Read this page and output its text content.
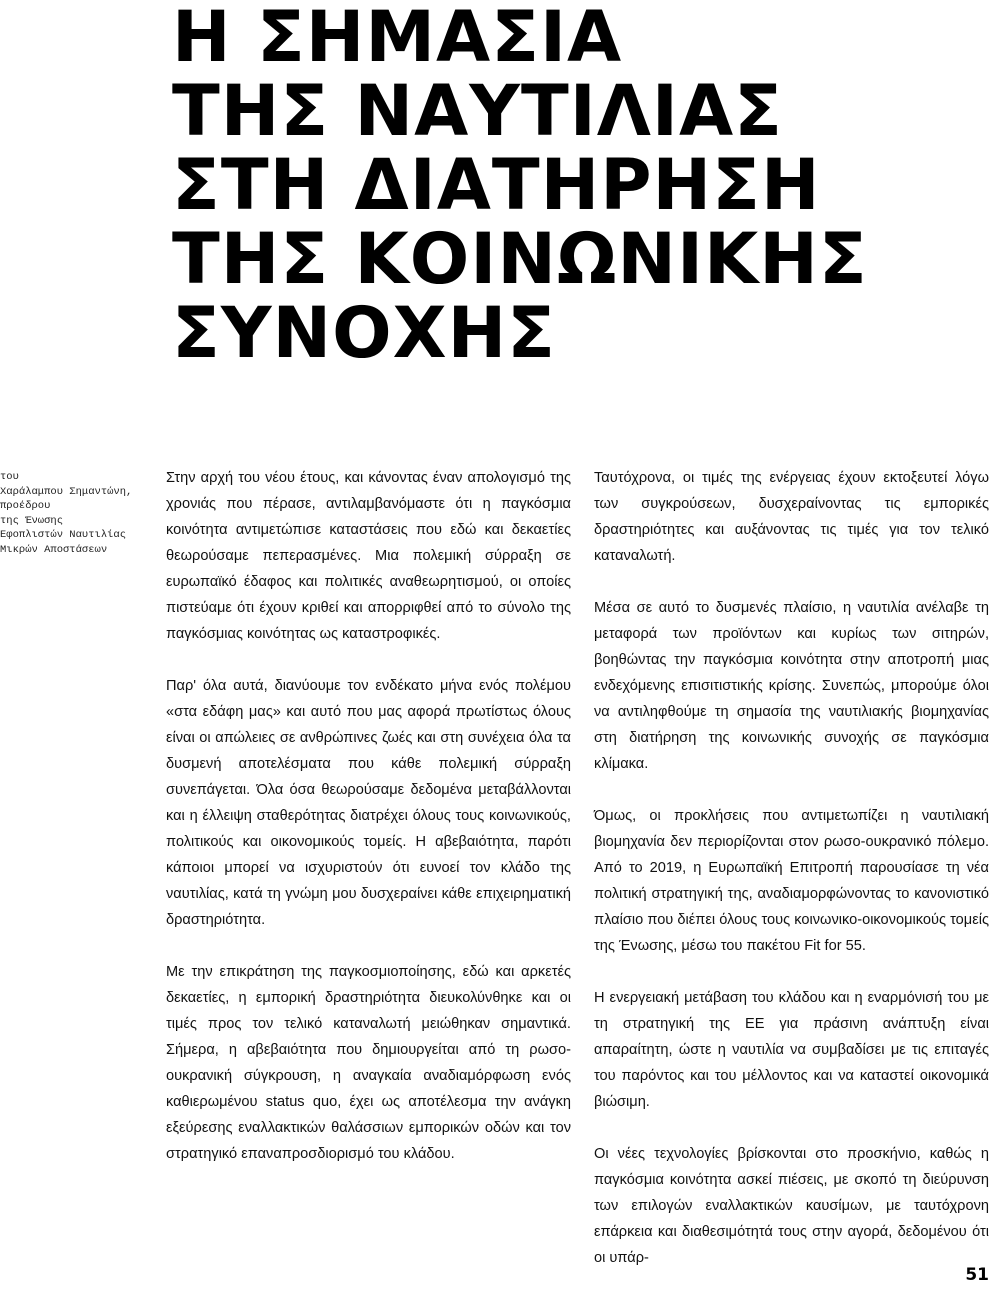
Η ΣΗΜΑΣΙΑ
ΤΗΣ ΝΑΥΤΙΛΙΑΣ
ΣΤΗ ΔΙΑΤΗΡΗΣΗ
ΤΗΣ ΚΟΙΝΩΝΙΚΗΣ
ΣΥΝΟΧΗΣ
του
Χαράλαμπου Σημαντώνη,
προέδρου
της Ένωσης
Εφοπλιστών Ναυτιλίας
Μικρών Αποστάσεων

Στην αρχή του νέου έτους, και κάνοντας έναν απολογισμό της χρονιάς που πέρασε, αντιλαμβανόμαστε ότι η παγκόσμια κοινότητα αντιμετώπισε καταστάσεις που εδώ και δεκαετίες θεωρούσαμε πεπερασμένες. Μια πολεμική σύρραξη σε ευρωπαϊκό έδαφος και πολιτικές αναθεωρητισμού, οι οποίες πιστεύαμε ότι έχουν κριθεί και απορριφθεί από το σύνολο της παγκόσμιας κοινότητας ως καταστροφικές.

Παρ' όλα αυτά, διανύουμε τον ενδέκατο μήνα ενός πολέμου «στα εδάφη μας» και αυτό που μας αφορά πρωτίστως όλους είναι οι απώλειες σε ανθρώπινες ζωές και στη συνέχεια όλα τα δυσμενή αποτελέσματα που κάθε πολεμική σύρραξη συνεπάγεται. Όλα όσα θεωρούσαμε δεδομένα μεταβάλλονται και η έλλειψη σταθερότητας διατρέχει όλους τους κοινωνικούς, πολιτικούς και οικονομικούς τομείς. Η αβεβαιότητα, παρότι κάποιοι μπορεί να ισχυριστούν ότι ευνοεί τον κλάδο της ναυτιλίας, κατά τη γνώμη μου δυσχεραίνει κάθε επιχειρηματική δραστηριότητα.

Με την επικράτηση της παγκοσμιοποίησης, εδώ και αρκετές δεκαετίες, η εμπορική δραστηριότητα διευκολύνθηκε και οι τιμές προς τον τελικό καταναλωτή μειώθηκαν σημαντικά. Σήμερα, η αβεβαιότητα που δημιουργείται από τη ρωσο-ουκρανική σύγκρουση, η αναγκαία αναδιαμόρφωση ενός καθιερωμένου status quo, έχει ως αποτέλεσμα την ανάγκη εξεύρεσης εναλλακτικών θαλάσσιων εμπορικών οδών και τον στρατηγικό επαναπροσδιορισμό του κλάδου.

Ταυτόχρονα, οι τιμές της ενέργειας έχουν εκτοξευτεί λόγω των συγκρούσεων, δυσχεραίνοντας τις εμπορικές δραστηριότητες και αυξάνοντας τις τιμές για τον τελικό καταναλωτή.

Μέσα σε αυτό το δυσμενές πλαίσιο, η ναυτιλία ανέλαβε τη μεταφορά των προϊόντων και κυρίως των σιτηρών, βοηθώντας την παγκόσμια κοινότητα στην αποτροπή μιας ενδεχόμενης επισιτιστικής κρίσης. Συνεπώς, μπορούμε όλοι να αντιληφθούμε τη σημασία της ναυτιλιακής βιομηχανίας στη διατήρηση της κοινωνικής συνοχής σε παγκόσμια κλίμακα.

Όμως, οι προκλήσεις που αντιμετωπίζει η ναυτιλιακή βιομηχανία δεν περιορίζονται στον ρωσο-ουκρανικό πόλεμο. Από το 2019, η Ευρωπαϊκή Επιτροπή παρουσίασε τη νέα πολιτική στρατηγική της, αναδιαμορφώνοντας το κανονιστικό πλαίσιο που διέπει όλους τους κοινωνικο-οικονομικούς τομείς της Ένωσης, μέσω του πακέτου Fit for 55.

Η ενεργειακή μετάβαση του κλάδου και η εναρμόνισή του με τη στρατηγική της ΕΕ για πράσινη ανάπτυξη είναι απαραίτητη, ώστε η ναυτιλία να συμβαδίσει με τις επιταγές του παρόντος και του μέλλοντος και να καταστεί οικονομικά βιώσιμη.

Οι νέες τεχνολογίες βρίσκονται στο προσκήνιο, καθώς η παγκόσμια κοινότητα ασκεί πιέσεις, με σκοπό τη διεύρυνση των επιλογών εναλλακτικών καυσίμων, με ταυτόχρονη επάρκεια και διαθεσιμότητά τους στην αγορά, δεδομένου ότι οι υπάρ-

51
